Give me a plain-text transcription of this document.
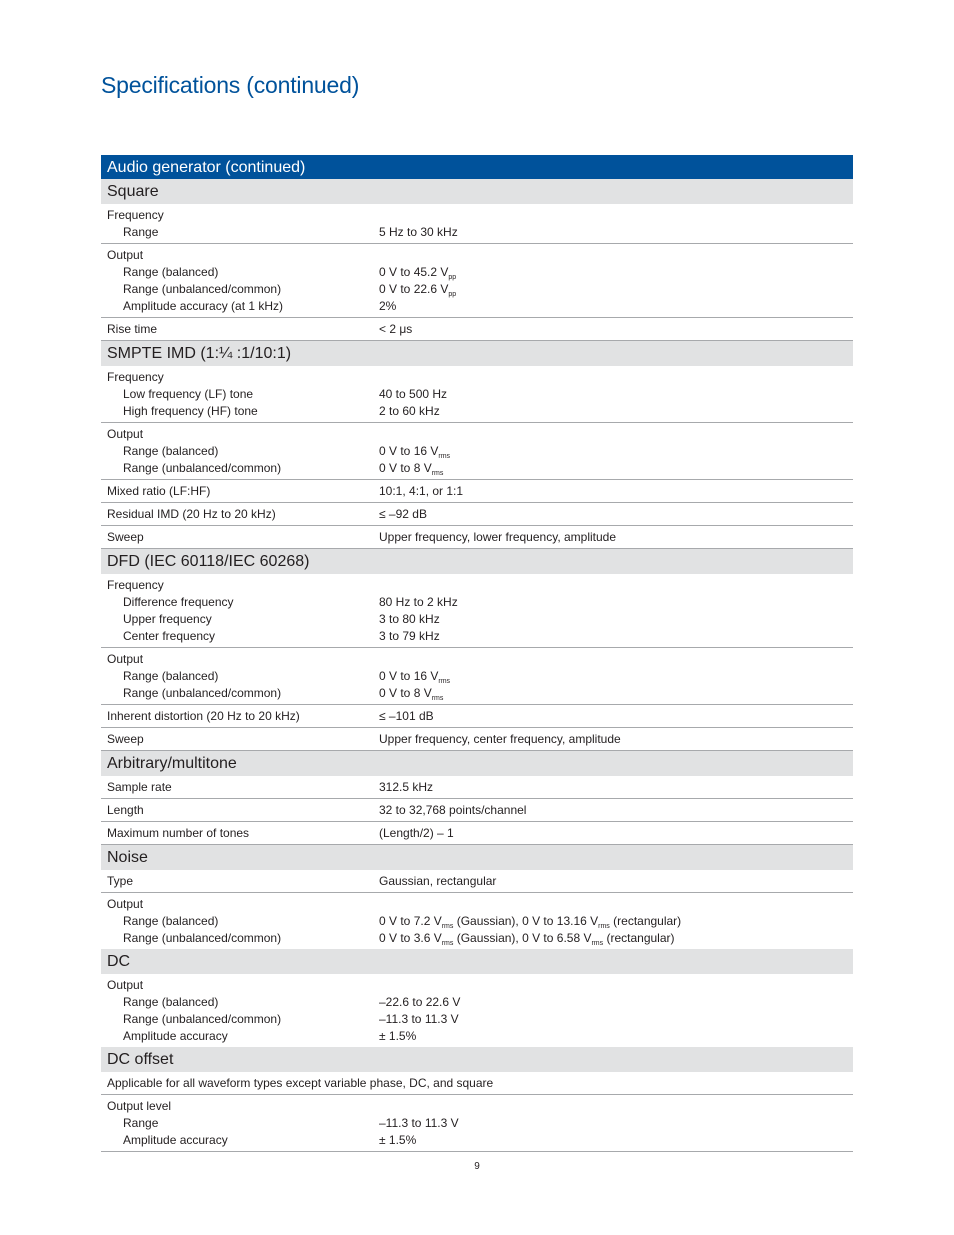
Specifications (continued)
Audio generator (continued)
Square
Frequency
Range	5 Hz to 30 kHz
Output
Range (balanced)	0 V to 45.2 $V_{pp}$
Range (unbalanced/common)	0 V to 22.6 $V_{pp}$
Amplitude accuracy (at 1 kHz)	2%
Rise time	< 2 μs
SMPTE IMD (1:¼ :1/10:1)
Frequency
Low frequency (LF) tone	40 to 500 Hz
High frequency (HF) tone	2 to 60 kHz
Output
Range (balanced)	0 V to 16 $V_{rms}$
Range (unbalanced/common)	0 V to 8 $V_{rms}$
Mixed ratio (LF:HF)	10:1, 4:1, or 1:1
Residual IMD (20 Hz to 20 kHz)	≤ –92 dB
Sweep	Upper frequency, lower frequency, amplitude
DFD (IEC 60118/IEC 60268)
Frequency
Difference frequency	80 Hz to 2 kHz
Upper frequency	3 to 80 kHz
Center frequency	3 to 79 kHz
Output
Range (balanced)	0 V to 16 $V_{rms}$
Range (unbalanced/common)	0 V to 8 $V_{rms}$
Inherent distortion (20 Hz to 20 kHz)	≤ –101 dB
Sweep	Upper frequency, center frequency, amplitude
Arbitrary/multitone
Sample rate	312.5 kHz
Length	32 to 32,768 points/channel
Maximum number of tones	(Length/2) – 1
Noise
Type	Gaussian, rectangular
Output
Range (balanced)	0 V to 7.2 $V_{rms}$ (Gaussian), 0 V to 13.16 $V_{rms}$ (rectangular)
Range (unbalanced/common)	0 V to 3.6 $V_{rms}$ (Gaussian), 0 V to 6.58 $V_{rms}$ (rectangular)
DC
Output
Range (balanced)	–22.6 to 22.6 V
Range (unbalanced/common)	–11.3 to 11.3 V
Amplitude accuracy	± 1.5%
DC offset
Applicable for all waveform types except variable phase, DC, and square
Output level
Range	–11.3 to 11.3 V
Amplitude accuracy	± 1.5%
9
